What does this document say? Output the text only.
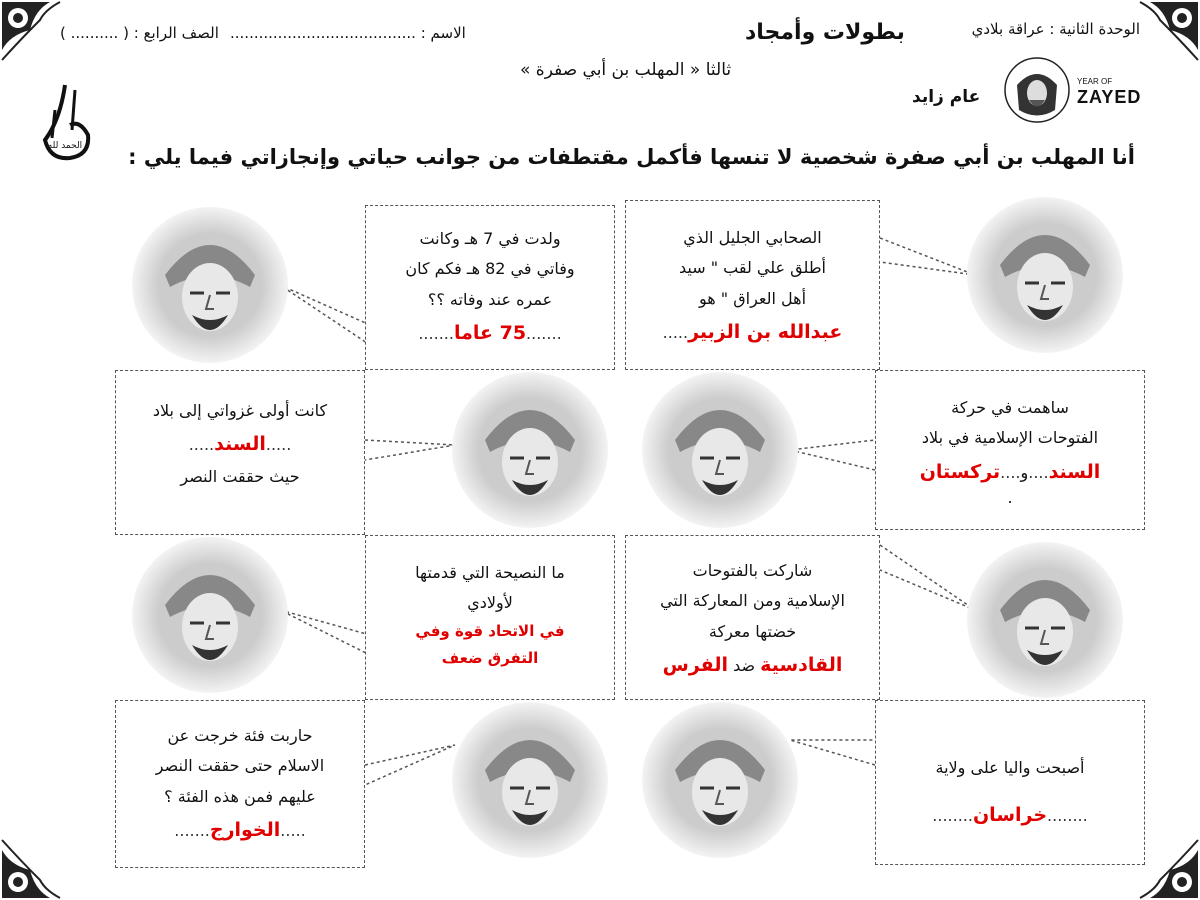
الوحدة الثانية : عراقة بلادي
بطولات وأمجاد
الاسم : .......................................
الصف الرابع : ( .......... )
ثالثا « المهلب بن أبي صفرة »
YEAR OF
ZAYED
عام زايد
الحمد لله أنا المهلب بن أبي صفرة شخصية لا تنسها فأكمل مقتطفات من جوانب حياتي وإنجازاتي فيما يلي :

الصحابي الجليل الذي

أطلق علي لقب " سيد

أهل العراق " هو

عبدالله بن الزبير.....

ولدت في 7 هـ وكانت

وفاتي في 82 هـ فكم كان

عمره عند وفاته ؟؟

.......75 عاما.......

ساهمت في حركة

الفتوحات الإسلامية في بلاد

السند....و....تركستان

.

كانت أولى غزواتي إلى بلاد

.....السند.....

حيث حققت النصر

شاركت بالفتوحات

الإسلامية ومن المعاركة التي

خضتها معركة

القادسية ضد الفرس

ما النصيحة التي قدمتها

لأولادي

في الاتحاد قوة وفي

التفرق ضعف

أصبحت واليا على ولاية

........خراسان........

حاربت فئة خرجت عن

الاسلام حتى حققت النصر

عليهم فمن هذه الفئة ؟

.....الخوارج.......
